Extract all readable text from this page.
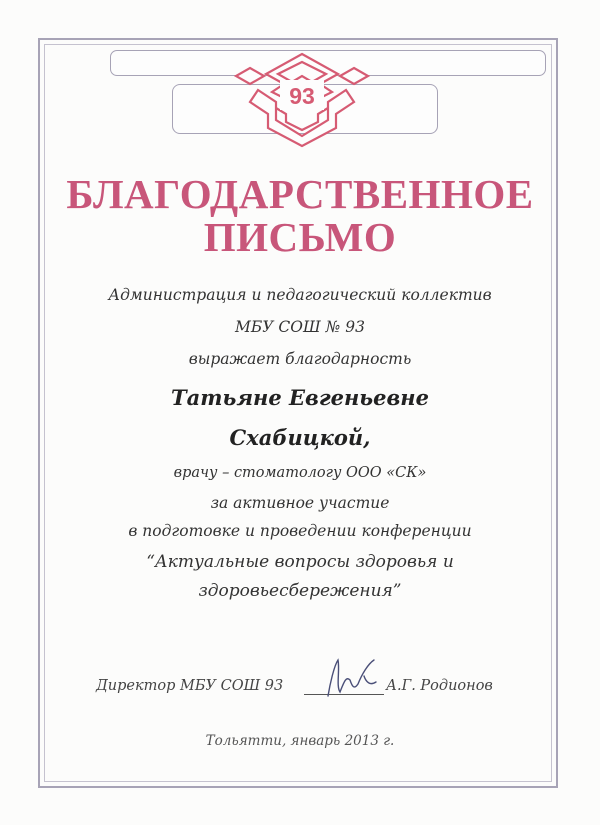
93
БЛАГОДАРСТВЕННОЕ
ПИСЬМО
Администрация и педагогический коллектив
МБУ СОШ № 93
выражает благодарность
Татьяне Евгеньевне
Схабицкой,
врачу – стоматологу ООО «СК»
за активное участие
в подготовке и проведении конференции
“Актуальные вопросы здоровья и
здоровьесбережения”
Директор МБУ СОШ 93	А.Г. Родионов
Тольятти, январь 2013 г.
